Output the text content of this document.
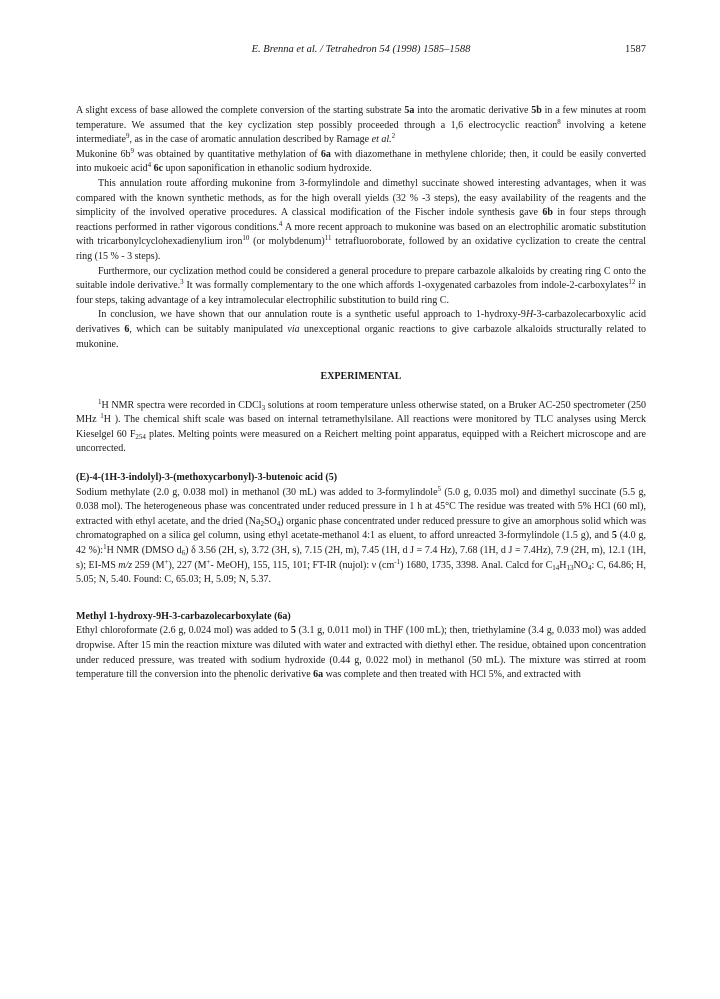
E. Brenna et al. / Tetrahedron 54 (1998) 1585–1588	1587

A slight excess of base allowed the complete conversion of the starting substrate 5a into the aromatic derivative 5b in a few minutes at room temperature. We assumed that the key cyclization step possibly proceeded through a 1,6 electrocyclic reaction$^8$ involving a ketene intermediate$^9$, as in the case of aromatic annulation described by Ramage et al.$^2$

Mukonine $6b^9$ was obtained by quantitative methylation of 6a with diazomethane in methylene chloride; then, it could be easily converted into mukoeic acid$^4$ 6c upon saponification in ethanolic sodium hydroxide.

This annulation route affording mukonine from 3-formylindole and dimethyl succinate showed interesting advantages, when it was compared with the known synthetic methods, as for the high overall yields (32 % -3 steps), the easy availability of the reagents and the simplicity of the involved operative procedures. A classical modification of the Fischer indole synthesis gave 6b in four steps through reactions performed in rather vigorous conditions.$^4$ A more recent approach to mukonine was based on an electrophilic aromatic substitution with tricarbonylcyclohexadienylium iron$^{10}$ (or molybdenum)$^{11}$ tetrafluoroborate, followed by an oxidative cyclization to create the central ring (15 % - 3 steps).

Furthermore, our cyclization method could be considered a general procedure to prepare carbazole alkaloids by creating ring C onto the suitable indole derivative.$^3$ It was formally complementary to the one which affords 1-oxygenated carbazoles from indole-2-carboxylates$^{12}$ in four steps, taking advantage of a key intramolecular electrophilic substitution to build ring C.

In conclusion, we have shown that our annulation route is a synthetic useful approach to 1-hydroxy-9H-3-carbazolecarboxylic acid derivatives 6, which can be suitably manipulated via unexceptional organic reactions to give carbazole alkaloids structurally related to mukonine.

EXPERIMENTAL

$^1$H NMR spectra were recorded in CDCl$_3$ solutions at room temperature unless otherwise stated, on a Bruker AC-250 spectrometer (250 MHz $^1$H ). The chemical shift scale was based on internal tetramethylsilane. All reactions were monitored by TLC analyses using Merck Kieselgel 60 $F_{254}$ plates. Melting points were measured on a Reichert melting point apparatus, equipped with a Reichert microscope and are uncorrected.

(E)-4-(1H-3-indolyl)-3-(methoxycarbonyl)-3-butenoic acid (5)

Sodium methylate (2.0 g, 0.038 mol) in methanol (30 mL) was added to 3-formylindole$^5$ (5.0 g, 0.035 mol) and dimethyl succinate (5.5 g, 0.038 mol). The heterogeneous phase was concentrated under reduced pressure in 1 h at 45°C The residue was treated with 5% HCl (60 ml), extracted with ethyl acetate, and the dried $(Na_2SO_4)$ organic phase concentrated under reduced pressure to give an amorphous solid which was chromatographed on a silica gel column, using ethyl acetate-methanol 4:1 as eluent, to afford unreacted 3-formylindole (1.5 g), and 5 (4.0 g, 42 %):$^1$H NMR (DMSO $d_6$) δ 3.56 (2H, s), 3.72 (3H, s), 7.15 (2H, m), 7.45 (1H, d J = 7.4 Hz), 7.68 (1H, d J = 7.4Hz), 7.9 (2H, m), 12.1 (1H, s); EI-MS m/z 259 (M+), 227 (M+- MeOH), 155, 115, 101; FT-IR (nujol): ν $(cm^{-1})$ 1680, 1735, 3398. Anal. Calcd for $C_{14}H_{13}NO_4$: C, 64.86; H, 5.05; N, 5.40. Found: C, 65.03; H, 5.09; N, 5.37.

Methyl 1-hydroxy-9H-3-carbazolecarboxylate (6a)

Ethyl chloroformate (2.6 g, 0.024 mol) was added to 5 (3.1 g, 0.011 mol) in THF (100 mL); then, triethylamine (3.4 g, 0.033 mol) was added dropwise. After 15 min the reaction mixture was diluted with water and extracted with diethyl ether. The residue, obtained upon concentration under reduced pressure, was treated with sodium hydroxide (0.44 g, 0.022 mol) in methanol (50 mL). The mixture was stirred at room temperature till the conversion into the phenolic derivative 6a was complete and then treated with HCl 5%, and extracted with
